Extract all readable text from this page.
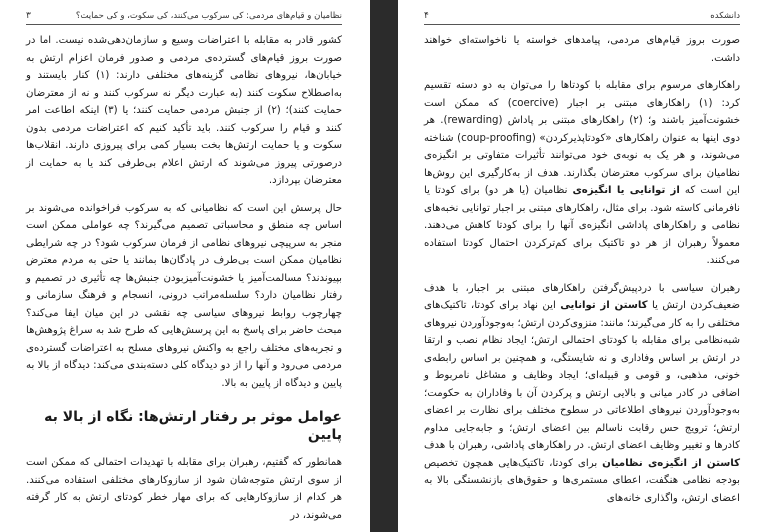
نظامیان و قیام‌های مردمی: کی سرکوب می‌کنند، کی سکوت، و کی حمایت؟
۳

کشور قادر به مقابله با اعتراضات وسیع و سازمان‌دهی‌شده نیست. اما در صورت بروز قیام‌های گسترده‌ی مردمی و صدور فرمان اعزام ارتش به خیابان‌ها، نیروهای نظامی گزینه‌های مختلفی دارند: (۱) کنار بایستند و به‌اصطلاح سکوت کنند (به عبارت دیگر نه سرکوب کنند و نه از معترضان حمایت کنند)؛ (۲) از جنبش مردمی حمایت کنند؛ یا (۳) اینکه اطاعت امر کنند و قیام را سرکوب کنند. باید تأکید کنیم که اعتراضات مردمی بدون سکوت و یا حمایت ارتش‌ها بخت بسیار کمی برای پیروزی دارند. انقلاب‌ها درصورتی پیروز می‌شوند که ارتش اعلام بی‌طرفی کند یا به حمایت از معترضان بپردازد.

حال پرسش این است که نظامیانی که به سرکوب فراخوانده می‌شوند بر اساس چه منطق و محاسباتی تصمیم می‌گیرند؟ چه عواملی ممکن است منجر به سرپیچی نیروهای نظامی از فرمان سرکوب شود؟ در چه شرایطی نظامیان ممکن است بی‌طرف در پادگان‌ها بمانند یا حتی به مردم معترض بپیوندند؟ مسالمت‌آمیز یا خشونت‌آمیزبودن جنبش‌ها چه تأثیری در تصمیم و رفتار نظامیان دارد؟ سلسله‌مراتب درونی، انسجام و فرهنگ سازمانی و چهارچوب روابط نیروهای سیاسی چه نقشی در این میان ایفا می‌کند؟ مبحث حاضر برای پاسخ به این پرسش‌هایی که طرح شد به سراغ پژوهش‌ها و تجربه‌های مختلف راجع به واکنش نیروهای مسلح به اعتراضات گسترده‌ی مردمی می‌رود و آنها را از دو دیدگاه کلی دسته‌بندی می‌کند: دیدگاه از بالا به پایین و دیدگاه از پایین به بالا.

عوامل موثر بر رفتار ارتش‌ها: نگاه از بالا به پایین

همانطور که گفتیم، رهبران برای مقابله با تهدیدات احتمالی که ممکن است از سوی ارتش متوجه‌شان شود از سازوکارهای مختلفی استفاده می‌کنند. هر کدام از سازوکارهایی که برای مهار خطر کودتای ارتش به کار گرفته می‌شوند، در

دانشکده
۴

صورت بروز قیام‌های مردمی، پیامدهای خواسته یا ناخواسته‌ای خواهند داشت.

راهکارهای مرسوم برای مقابله با کودتاها را می‌توان به دو دسته تقسیم کرد: (۱) راهکارهای مبتنی بر اجبار (coercive) که ممکن است خشونت‌آمیز باشند و؛ (۲) راهکارهای مبتنی بر پاداش (rewarding). هر دوی اینها به عنوان راهکارهای «کودتاپذیرکردن» (coup-proofing) شناخته می‌شوند، و هر یک به نوبه‌ی خود می‌توانند تأثیرات متفاوتی بر انگیزه‌ی نظامیان برای سرکوب معترضان بگذارند. هدف از به‌کارگیری این روش‌ها این است که از توانایی یا انگیزه‌ی نظامیان (یا هر دو) برای کودتا یا نافرمانی کاسته شود. برای مثال، راهکارهای مبتنی بر اجبار توانایی نخبه‌های نظامی و راهکارهای پاداشی انگیزه‌ی آنها را برای کودتا کاهش می‌دهند. معمولاً رهبران از هر دو تاکتیک برای کم‌ترکردن احتمال کودتا استفاده می‌کنند.

رهبران سیاسی با دردپیش‌گرفتن راهکارهای مبتنی بر اجبار، با هدف ضعیف‌کردن ارتش یا کاستن از توانایی این نهاد برای کودتا، تاکتیک‌های مختلفی را به کار می‌گیرند؛ مانند: منزوی‌کردن ارتش؛ به‌وجودآوردن نیروهای شبه‌نظامی برای مقابله با کودتای احتمالی ارتش؛ ایجاد نظام نصب و ارتقا در ارتش بر اساس وفاداری و نه شایستگی، و همچنین بر اساس رابطه‌ی خونی، مذهبی، و قومی و قبیله‌ای؛ ایجاد وظایف و مشاغل نامربوط و اضافی در کادر میانی و بالایی ارتش و پرکردن آن با وفاداران به حکومت؛ به‌وجودآوردن نیروهای اطلاعاتی در سطوح مختلف برای نظارت بر اعضای ارتش؛ ترویج حس رقابت ناسالم بین اعضای ارتش؛ و جابه‌جایی مداوم کادرها و تغییر وظایف اعضای ارتش. در راهکارهای پاداشی، رهبران با هدف کاستن از انگیزه‌ی نظامیان برای کودتا، تاکتیک‌هایی همچون تخصیص بودجه نظامی هنگفت، اعطای مستمری‌ها و حقوق‌های بازنشستگی بالا به اعضای ارتش، واگذاری خانه‌های
